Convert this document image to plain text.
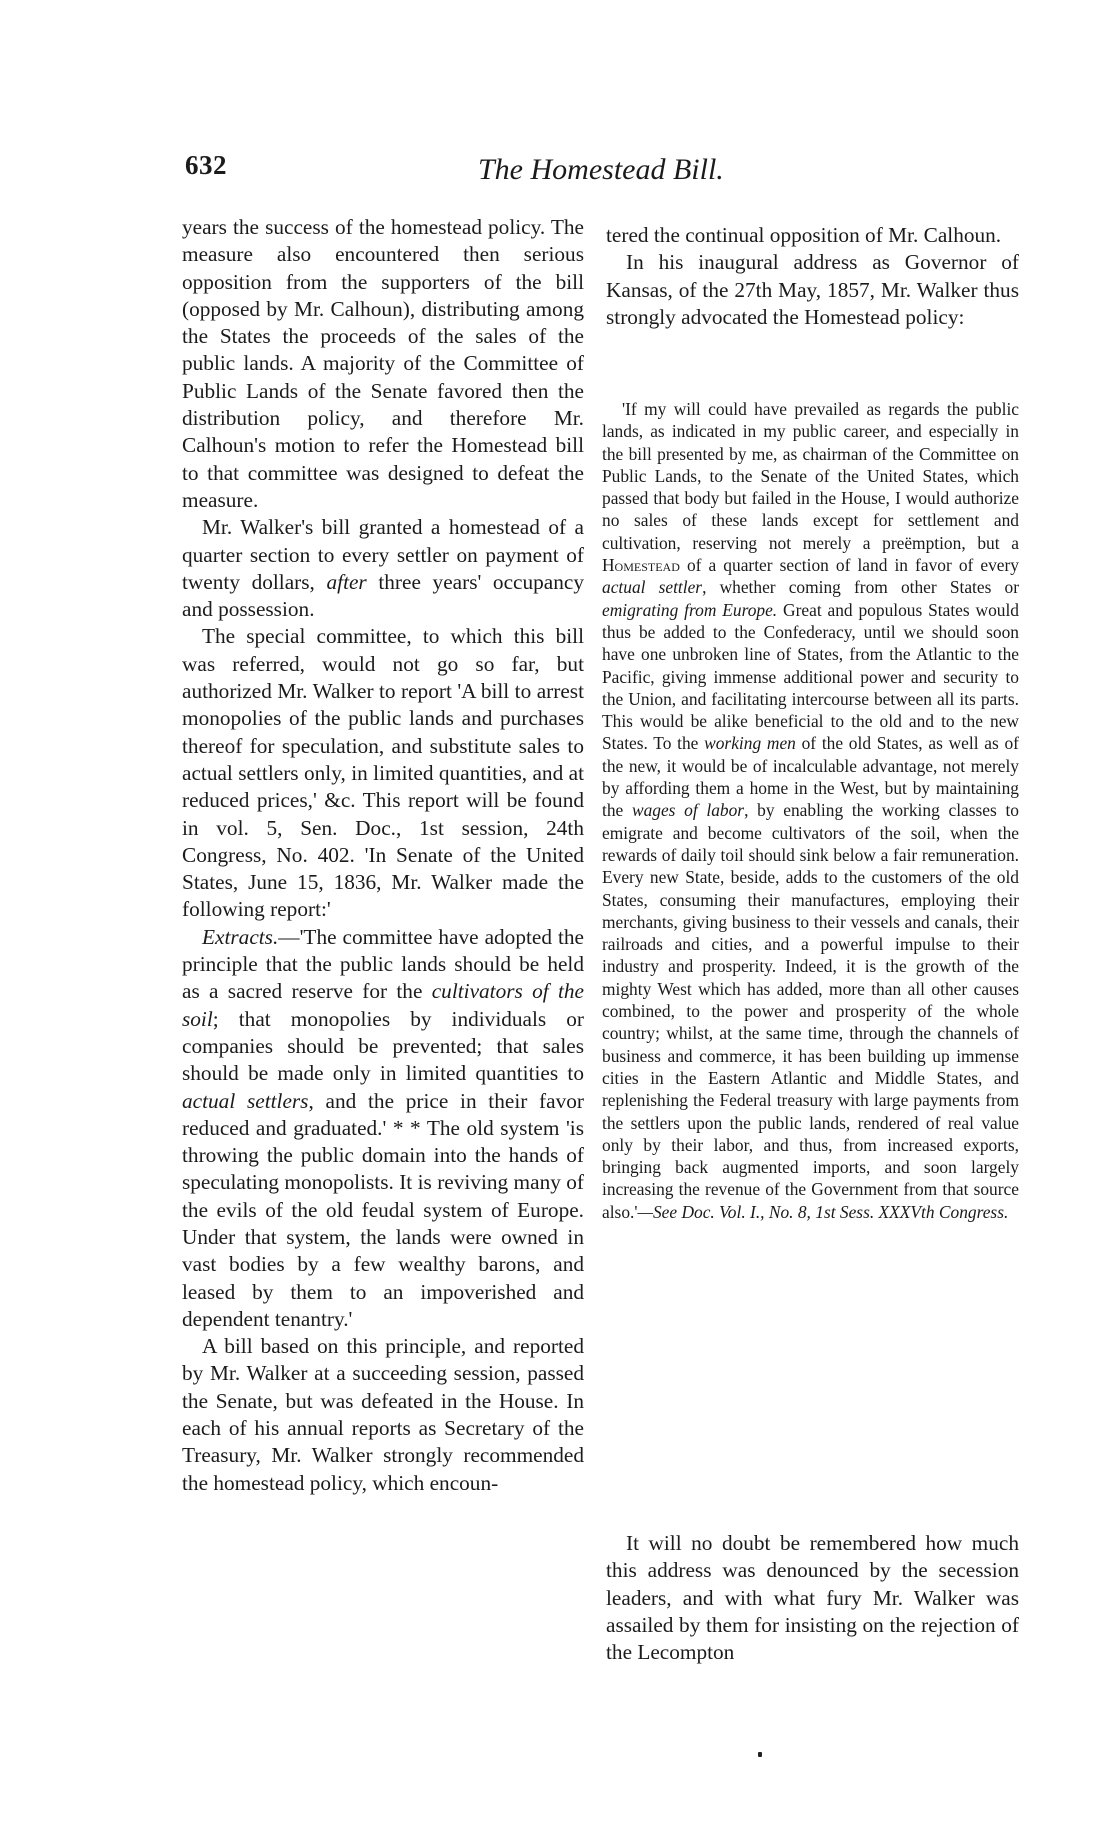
632	The Homestead Bill.

years the success of the homestead policy. The measure also encountered then serious opposition from the supporters of the bill (opposed by Mr. Calhoun), distributing among the States the proceeds of the sales of the public lands. A majority of the Committee of Public Lands of the Senate favored then the distribution policy, and therefore Mr. Calhoun's motion to refer the Homestead bill to that committee was designed to defeat the measure.

Mr. Walker's bill granted a homestead of a quarter section to every settler on payment of twenty dollars, after three years' occupancy and possession.

The special committee, to which this bill was referred, would not go so far, but authorized Mr. Walker to report 'A bill to arrest monopolies of the public lands and purchases thereof for speculation, and substitute sales to actual settlers only, in limited quantities, and at reduced prices,' &c. This report will be found in vol. 5, Sen. Doc., 1st session, 24th Congress, No. 402. 'In Senate of the United States, June 15, 1836, Mr. Walker made the following report:'

Extracts.—'The committee have adopted the principle that the public lands should be held as a sacred reserve for the cultivators of the soil; that monopolies by individuals or companies should be prevented; that sales should be made only in limited quantities to actual settlers, and the price in their favor reduced and graduated.' * * The old system 'is throwing the public domain into the hands of speculating monopolists. It is reviving many of the evils of the old feudal system of Europe. Under that system, the lands were owned in vast bodies by a few wealthy barons, and leased by them to an impoverished and dependent tenantry.'

A bill based on this principle, and reported by Mr. Walker at a succeeding session, passed the Senate, but was defeated in the House. In each of his annual reports as Secretary of the Treasury, Mr. Walker strongly recommended the homestead policy, which encoun-

tered the continual opposition of Mr. Calhoun.

In his inaugural address as Governor of Kansas, of the 27th May, 1857, Mr. Walker thus strongly advocated the Homestead policy:

'If my will could have prevailed as regards the public lands, as indicated in my public career, and especially in the bill presented by me, as chairman of the Committee on Public Lands, to the Senate of the United States, which passed that body but failed in the House, I would authorize no sales of these lands except for settlement and cultivation, reserving not merely a preëmption, but a Homestead of a quarter section of land in favor of every actual settler, whether coming from other States or emigrating from Europe. Great and populous States would thus be added to the Confederacy, until we should soon have one unbroken line of States, from the Atlantic to the Pacific, giving immense additional power and security to the Union, and facilitating intercourse between all its parts. This would be alike beneficial to the old and to the new States. To the working men of the old States, as well as of the new, it would be of incalculable advantage, not merely by affording them a home in the West, but by maintaining the wages of labor, by enabling the working classes to emigrate and become cultivators of the soil, when the rewards of daily toil should sink below a fair remuneration. Every new State, beside, adds to the customers of the old States, consuming their manufactures, employing their merchants, giving business to their vessels and canals, their railroads and cities, and a powerful impulse to their industry and prosperity. Indeed, it is the growth of the mighty West which has added, more than all other causes combined, to the power and prosperity of the whole country; whilst, at the same time, through the channels of business and commerce, it has been building up immense cities in the Eastern Atlantic and Middle States, and replenishing the Federal treasury with large payments from the settlers upon the public lands, rendered of real value only by their labor, and thus, from increased exports, bringing back augmented imports, and soon largely increasing the revenue of the Government from that source also.'—See Doc. Vol. I., No. 8, 1st Sess. XXXVth Congress.

It will no doubt be remembered how much this address was denounced by the secession leaders, and with what fury Mr. Walker was assailed by them for insisting on the rejection of the Lecompton
